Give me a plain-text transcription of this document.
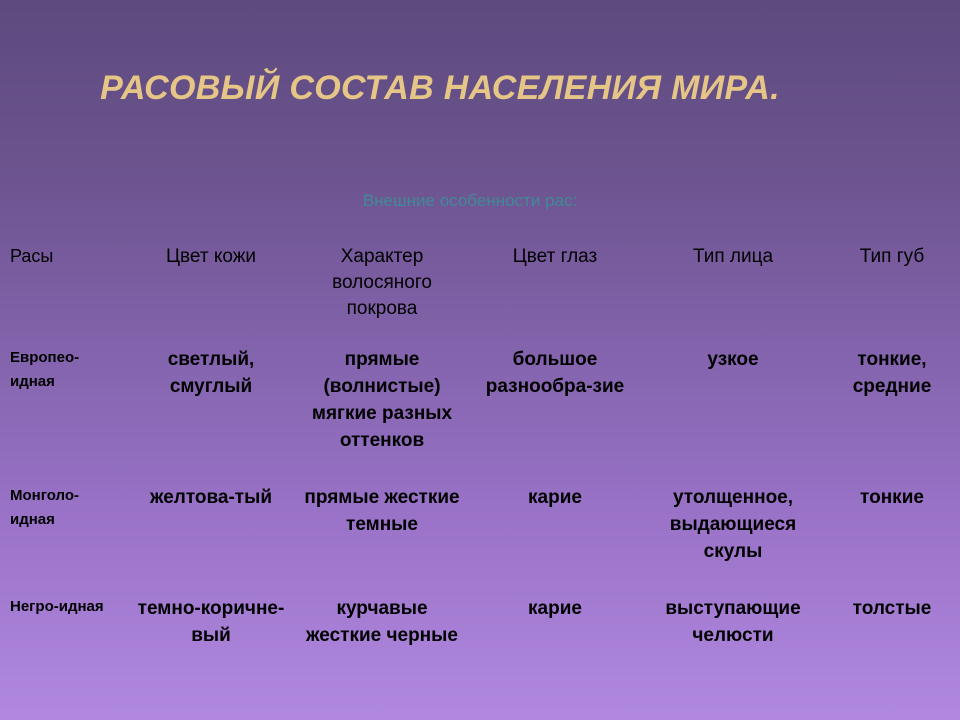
РАСОВЫЙ СОСТАВ НАСЕЛЕНИЯ МИРА.
Внешние особенности рас:
Расы	Цвет кожи	Характер волосяного покрова	Цвет глаз	Тип лица	Тип губ
Европео-идная	светлый, смуглый	прямые (волнистые) мягкие разных оттенков	большое разнообра-зие	узкое	тонкие, средние
Монголо-идная	желтова-тый	прямые жесткие темные	карие	утолщенное, выдающиеся скулы	тонкие
Негро-идная	темно-коричне-вый	курчавые жесткие черные	карие	выступающие челюсти	толстые
